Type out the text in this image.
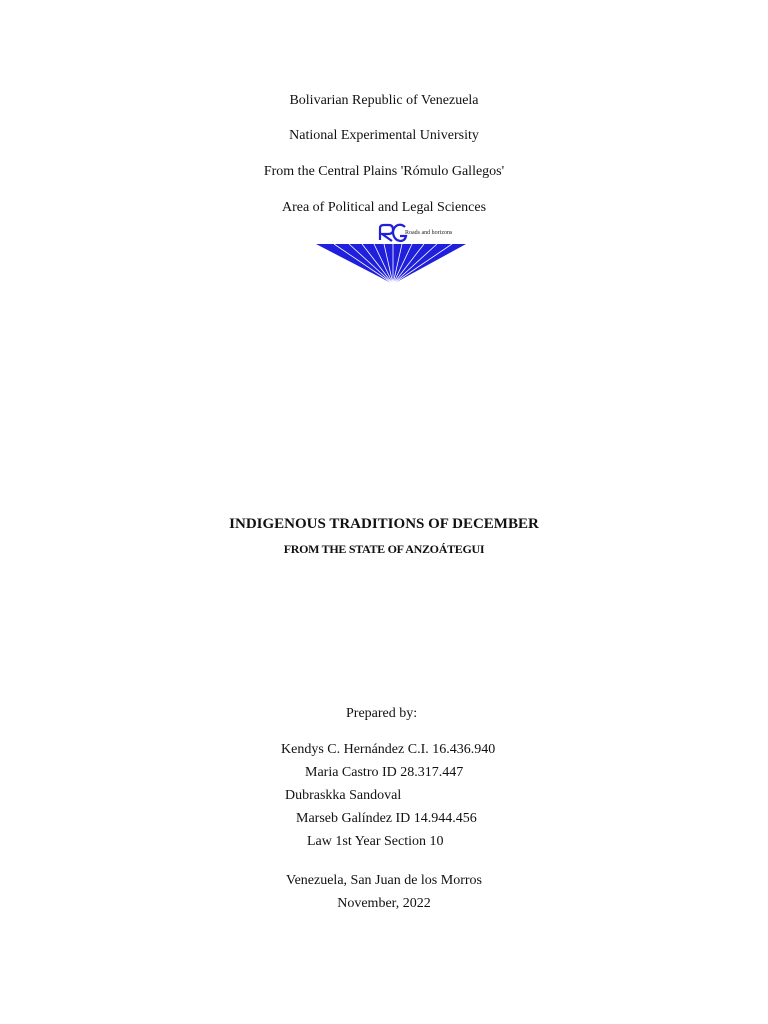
Bolivarian Republic of Venezuela
National Experimental University
From the Central Plains 'Rómulo Gallegos'
Area of Political and Legal Sciences
Roads and horizons
INDIGENOUS TRADITIONS OF DECEMBER
FROM THE STATE OF ANZOÁTEGUI
Prepared by:
Kendys C. Hernández C.I. 16.436.940
Maria Castro ID 28.317.447
Dubraskka Sandoval
Marseb Galíndez ID 14.944.456
Law 1st Year Section 10
Venezuela, San Juan de los Morros
November, 2022
